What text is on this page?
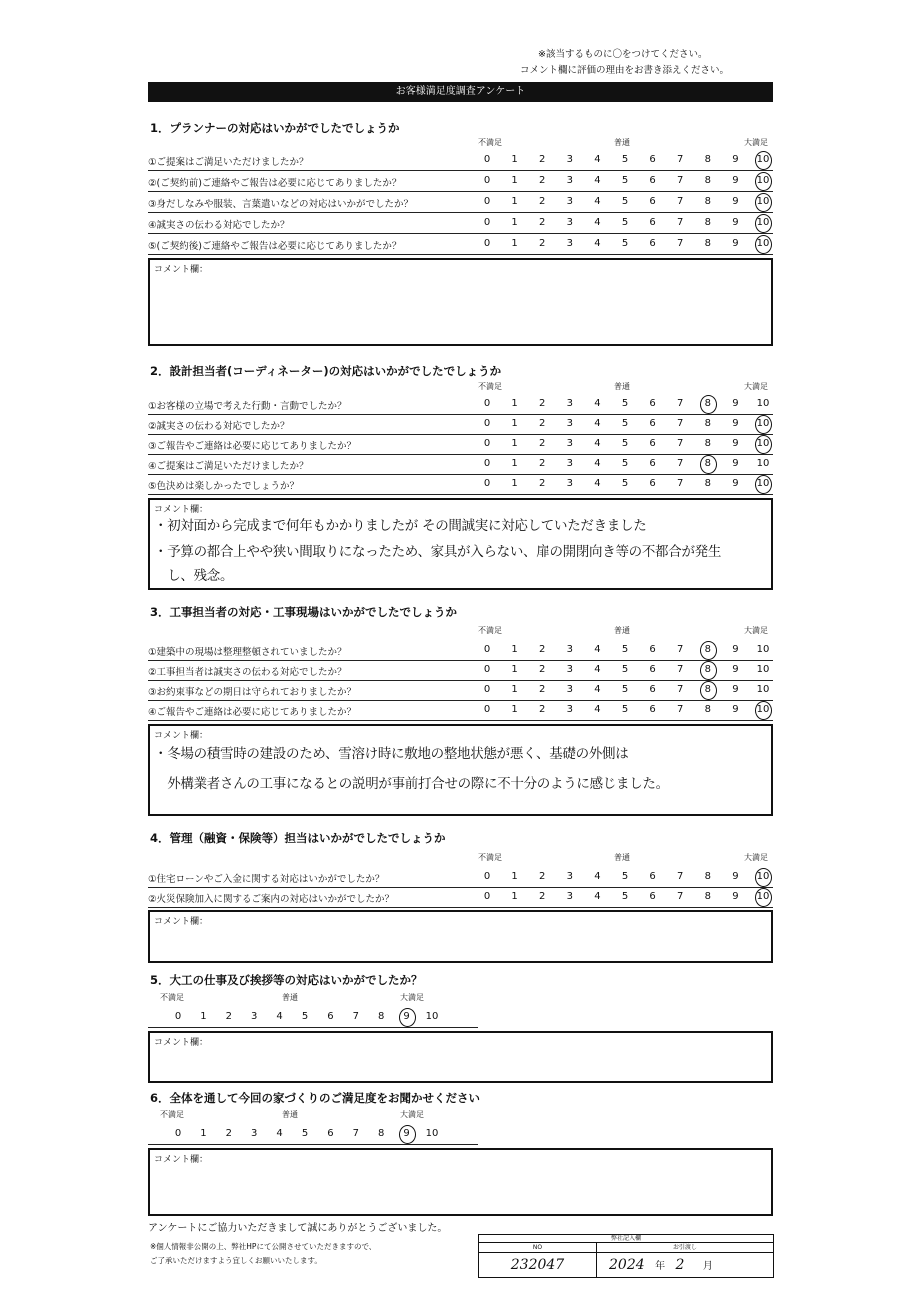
※該当するものに〇をつけてください。
コメント欄に評価の理由をお書き添えください。
お客様満足度調査アンケート
1．プランナーの対応はいかがでしたでしょうか
不満足	普通	大満足
①ご提案はご満足いただけましたか？	0	1	2	3	4	5	6	7	8	9	10
②(ご契約前)ご連絡やご報告は必要に応じてありましたか？	0	1	2	3	4	5	6	7	8	9	10
③身だしなみや服装、言葉遣いなどの対応はいかがでしたか？	0	1	2	3	4	5	6	7	8	9	10
④誠実さの伝わる対応でしたか？	0	1	2	3	4	5	6	7	8	9	10
⑤(ご契約後)ご連絡やご報告は必要に応じてありましたか？	0	1	2	3	4	5	6	7	8	9	10
コメント欄：
2．設計担当者(コーディネーター)の対応はいかがでしたでしょうか
不満足	普通	大満足
①お客様の立場で考えた行動・言動でしたか？	0	1	2	3	4	5	6	7	8	9	10
②誠実さの伝わる対応でしたか？	0	1	2	3	4	5	6	7	8	9	10
③ご報告やご連絡は必要に応じてありましたか？	0	1	2	3	4	5	6	7	8	9	10
④ご提案はご満足いただけましたか？	0	1	2	3	4	5	6	7	8	9	10
⑤色決めは楽しかったでしょうか？	0	1	2	3	4	5	6	7	8	9	10
コメント欄：
・初対面から完成まで何年もかかりましたが その間誠実に対応していただきました
・予算の都合上やや狭い間取りになったため、家具が入らない、扉の開閉向き等の不都合が発生
　し、残念。
3．工事担当者の対応・工事現場はいかがでしたでしょうか
不満足	普通	大満足
①建築中の現場は整理整頓されていましたか？	0	1	2	3	4	5	6	7	8	9	10
②工事担当者は誠実さの伝わる対応でしたか？	0	1	2	3	4	5	6	7	8	9	10
③お約束事などの期日は守られておりましたか？	0	1	2	3	4	5	6	7	8	9	10
④ご報告やご連絡は必要に応じてありましたか？	0	1	2	3	4	5	6	7	8	9	10
コメント欄：
・冬場の積雪時の建設のため、雪溶け時に敷地の整地状態が悪く、基礎の外側は
　外構業者さんの工事になるとの説明が事前打合せの際に不十分のように感じました。
4．管理（融資・保険等）担当はいかがでしたでしょうか
不満足	普通	大満足
①住宅ローンやご入金に関する対応はいかがでしたか？	0	1	2	3	4	5	6	7	8	9	10
②火災保険加入に関するご案内の対応はいかがでしたか？	0	1	2	3	4	5	6	7	8	9	10
コメント欄：
5．大工の仕事及び挨拶等の対応はいかがでしたか？
不満足	普通	大満足
0	1	2	3	4	5	6	7	8	9	10
コメント欄：
6．全体を通して今回の家づくりのご満足度をお聞かせください
不満足	普通	大満足
0	1	2	3	4	5	6	7	8	9	10
コメント欄：
アンケートにご協力いただきまして誠にありがとうございました。
※個人情報非公開の上、弊社HPにて公開させていただきますので、
ご了承いただけますよう宜しくお願いいたします。
弊社記入欄
NO	お引渡し
232047	2024 年 2 月
